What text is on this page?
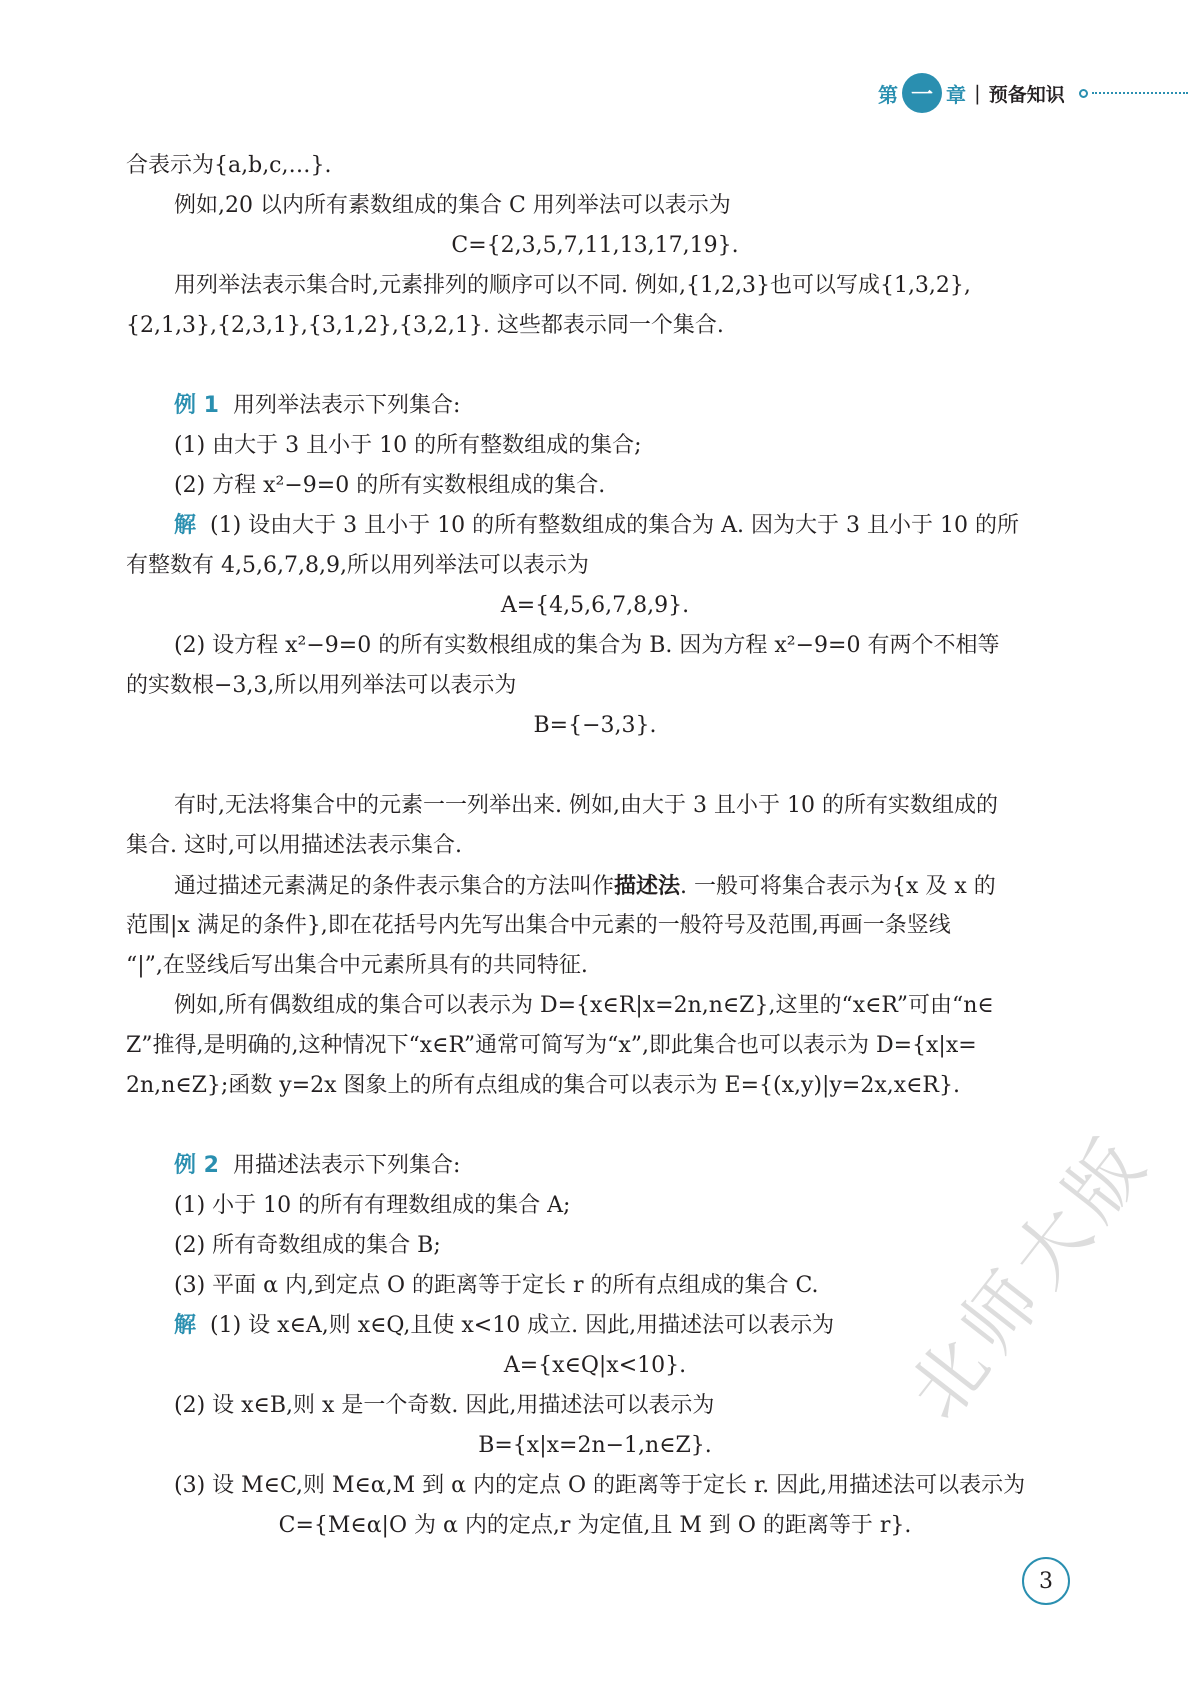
第 一 章 | 预备知识
合表示为{a,b,c,…}.
例如,20 以内所有素数组成的集合 C 用列举法可以表示为
C={2,3,5,7,11,13,17,19}.
用列举法表示集合时,元素排列的顺序可以不同. 例如,{1,2,3}也可以写成{1,3,2},
{2,1,3},{2,3,1},{3,1,2},{3,2,1}. 这些都表示同一个集合.
例 1 用列举法表示下列集合:
(1) 由大于 3 且小于 10 的所有整数组成的集合;
(2) 方程 x²−9=0 的所有实数根组成的集合.
解 (1) 设由大于 3 且小于 10 的所有整数组成的集合为 A. 因为大于 3 且小于 10 的所
有整数有 4,5,6,7,8,9,所以用列举法可以表示为
A={4,5,6,7,8,9}.
(2) 设方程 x²−9=0 的所有实数根组成的集合为 B. 因为方程 x²−9=0 有两个不相等
的实数根−3,3,所以用列举法可以表示为
B={−3,3}.
有时,无法将集合中的元素一一列举出来. 例如,由大于 3 且小于 10 的所有实数组成的
集合. 这时,可以用描述法表示集合.
通过描述元素满足的条件表示集合的方法叫作描述法. 一般可将集合表示为{x 及 x 的
范围|x 满足的条件},即在花括号内先写出集合中元素的一般符号及范围,再画一条竖线
“|”,在竖线后写出集合中元素所具有的共同特征.
例如,所有偶数组成的集合可以表示为 D={x∈R|x=2n,n∈Z},这里的“x∈R”可由“n∈
Z”推得,是明确的,这种情况下“x∈R”通常可简写为“x”,即此集合也可以表示为 D={x|x=
2n,n∈Z};函数 y=2x 图象上的所有点组成的集合可以表示为 E={(x,y)|y=2x,x∈R}.
例 2 用描述法表示下列集合:
(1) 小于 10 的所有有理数组成的集合 A;
(2) 所有奇数组成的集合 B;
(3) 平面 α 内,到定点 O 的距离等于定长 r 的所有点组成的集合 C.
解 (1) 设 x∈A,则 x∈Q,且使 x<10 成立. 因此,用描述法可以表示为
A={x∈Q|x<10}.
(2) 设 x∈B,则 x 是一个奇数. 因此,用描述法可以表示为
B={x|x=2n−1,n∈Z}.
(3) 设 M∈C,则 M∈α,M 到 α 内的定点 O 的距离等于定长 r. 因此,用描述法可以表示为
C={M∈α|O 为 α 内的定点,r 为定值,且 M 到 O 的距离等于 r}.
北师大版
3
